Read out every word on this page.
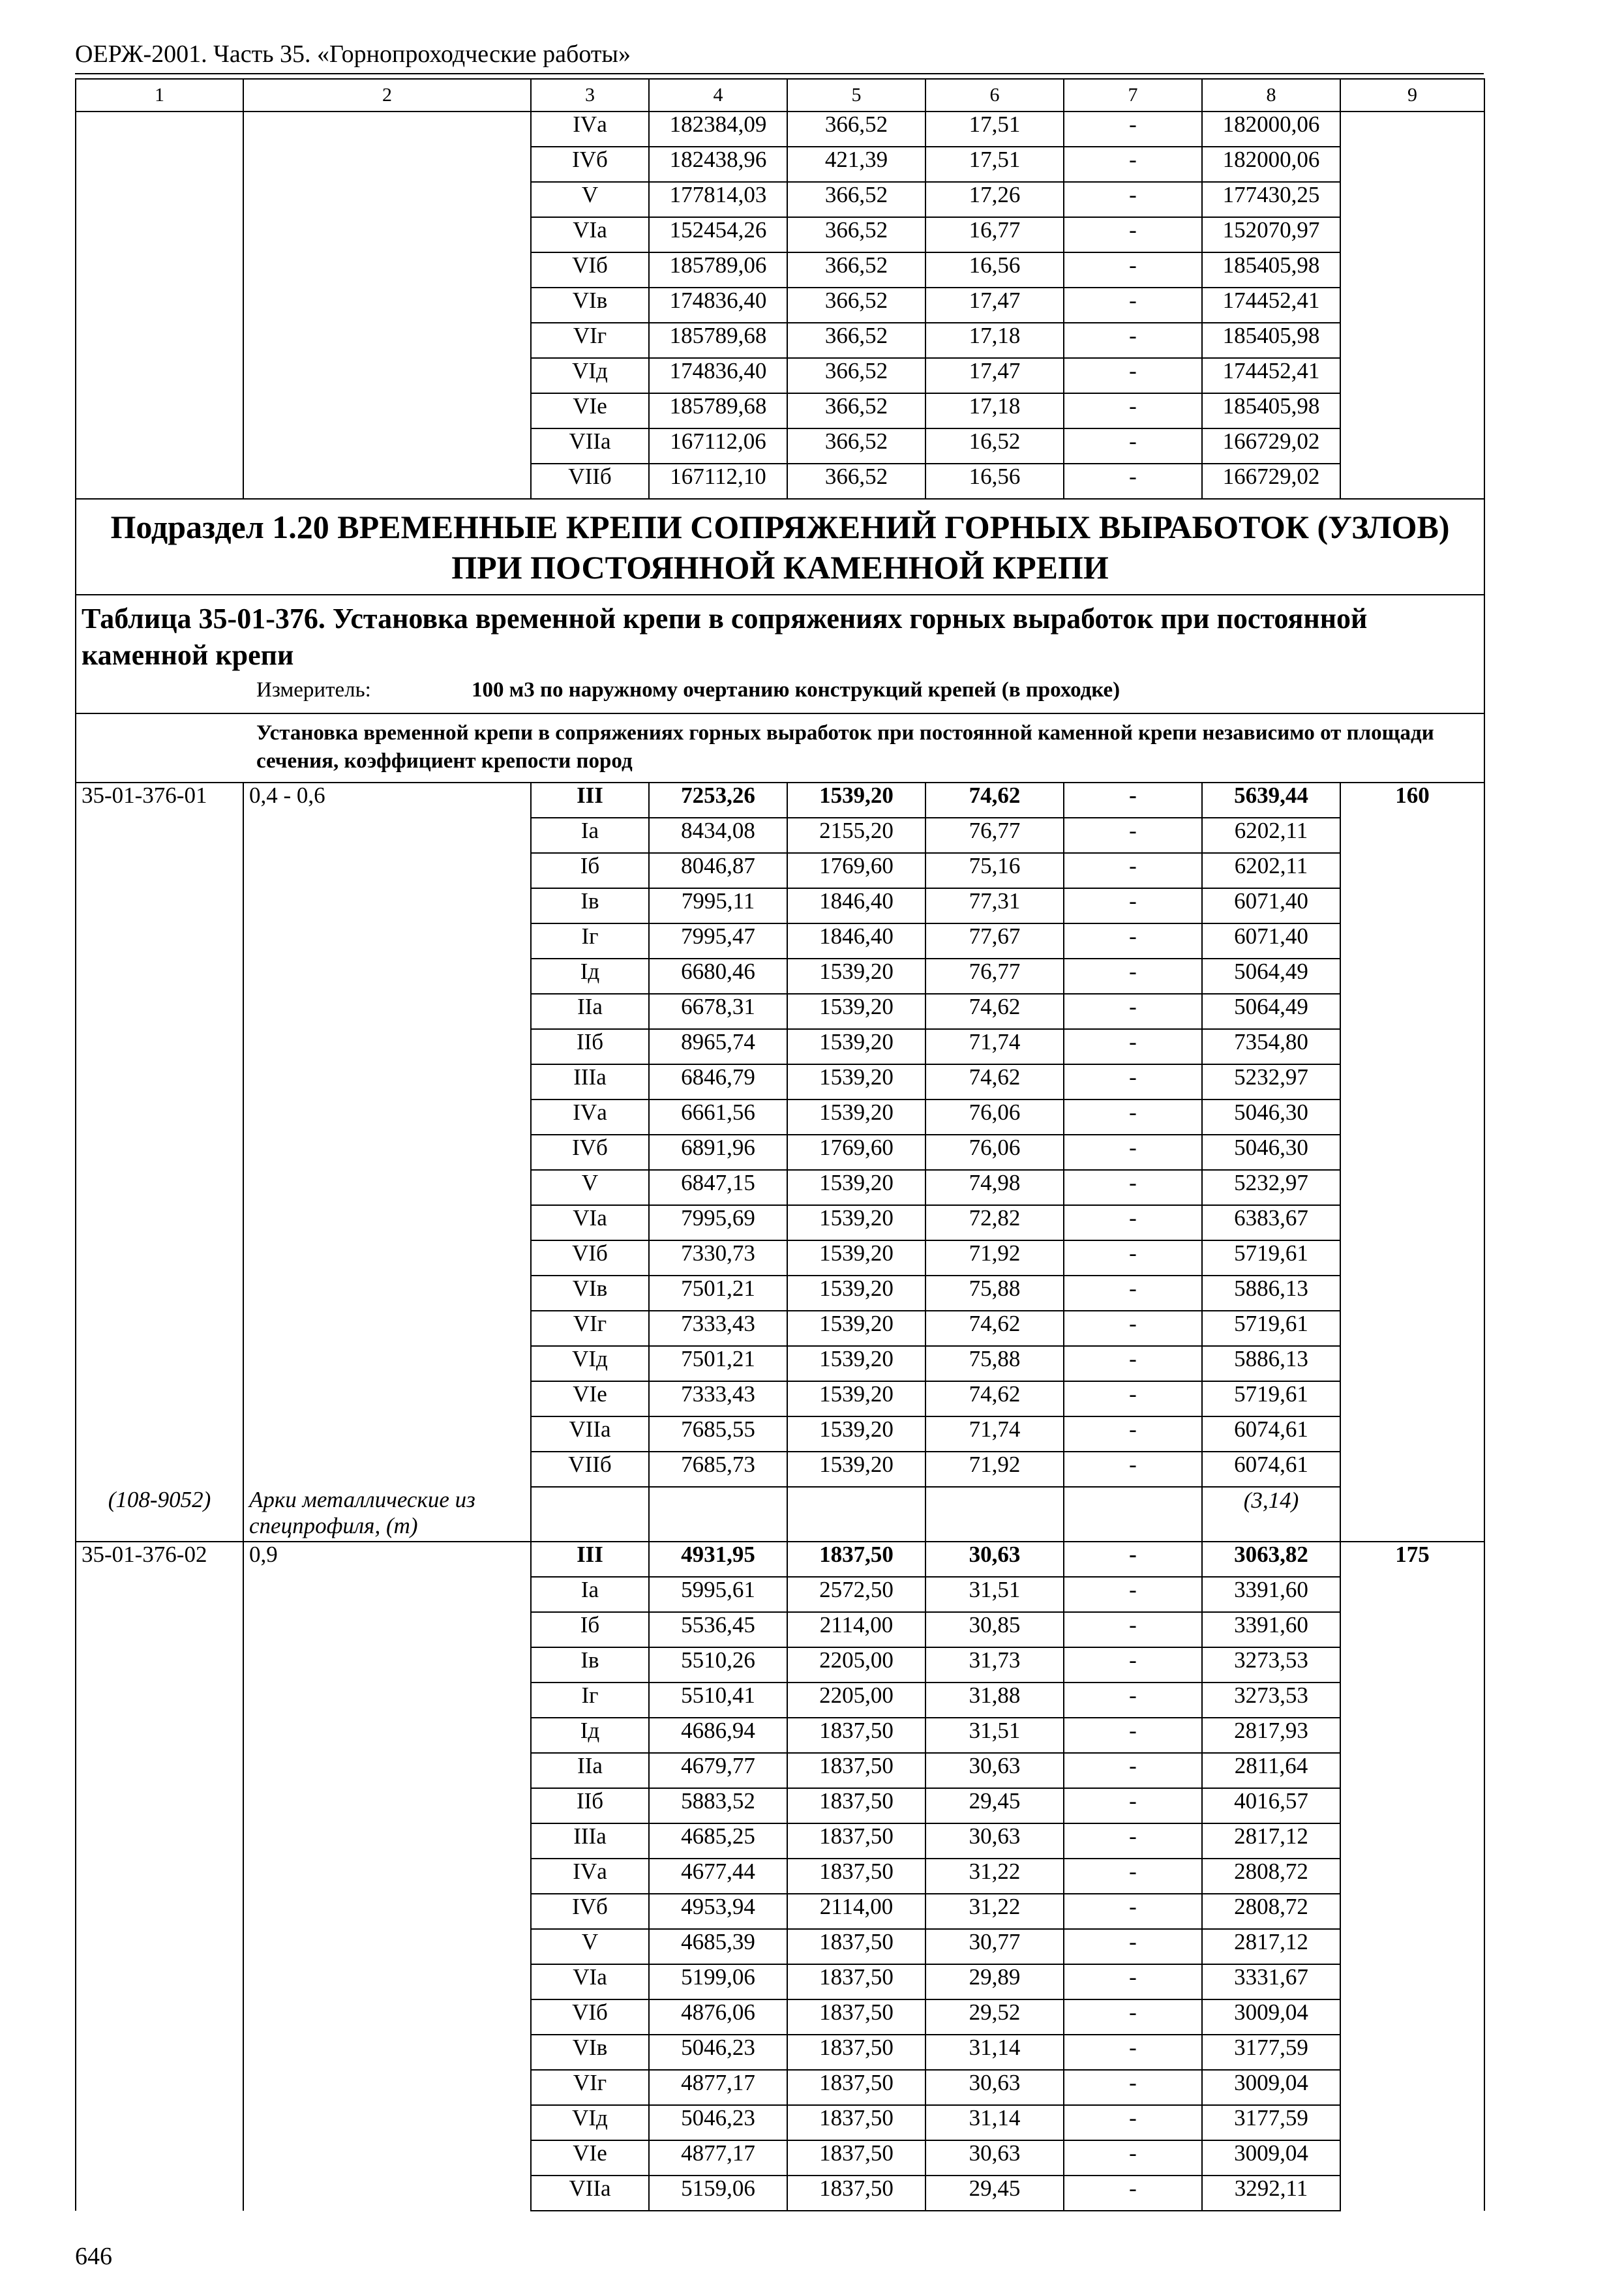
ОЕРЖ-2001. Часть 35. «Горнопроходческие работы»
1	2	3	4	5	6	7	8	9
		IVа	182384,09	366,52	17,51	-	182000,06	
		IVб	182438,96	421,39	17,51	-	182000,06	
		V	177814,03	366,52	17,26	-	177430,25	
		VIа	152454,26	366,52	16,77	-	152070,97	
		VIб	185789,06	366,52	16,56	-	185405,98	
		VIв	174836,40	366,52	17,47	-	174452,41	
		VIг	185789,68	366,52	17,18	-	185405,98	
		VIд	174836,40	366,52	17,47	-	174452,41	
		VIе	185789,68	366,52	17,18	-	185405,98	
		VIIа	167112,06	366,52	16,52	-	166729,02	
		VIIб	167112,10	366,52	16,56	-	166729,02	
Подраздел 1.20 ВРЕМЕННЫЕ КРЕПИ СОПРЯЖЕНИЙ ГОРНЫХ ВЫРАБОТОК (УЗЛОВ) ПРИ ПОСТОЯННОЙ КАМЕННОЙ КРЕПИ								

Таблица 35-01-376. Установка временной крепи в сопряжениях горных выработок при постоянной каменной крепи
Измеритель: 100 м3 по наружному очертанию конструкций крепей (в проходке)								

Установка временной крепи в сопряжениях горных выработок при постоянной каменной крепи независимо от площади сечения, коэффициент крепости пород								

35-01-376-01	0,4 - 0,6	III	7253,26	1539,20	74,62	-	5639,44	160
		Iа	8434,08	2155,20	76,77	-	6202,11	
		Iб	8046,87	1769,60	75,16	-	6202,11	
		Iв	7995,11	1846,40	77,31	-	6071,40	
		Iг	7995,47	1846,40	77,67	-	6071,40	
		Iд	6680,46	1539,20	76,77	-	5064,49	
		IIа	6678,31	1539,20	74,62	-	5064,49	
		IIб	8965,74	1539,20	71,74	-	7354,80	
		IIIа	6846,79	1539,20	74,62	-	5232,97	
		IVа	6661,56	1539,20	76,06	-	5046,30	
		IVб	6891,96	1769,60	76,06	-	5046,30	
		V	6847,15	1539,20	74,98	-	5232,97	
		VIа	7995,69	1539,20	72,82	-	6383,67	
		VIб	7330,73	1539,20	71,92	-	5719,61	
		VIв	7501,21	1539,20	75,88	-	5886,13	
		VIг	7333,43	1539,20	74,62	-	5719,61	
		VIд	7501,21	1539,20	75,88	-	5886,13	
		VIе	7333,43	1539,20	74,62	-	5719,61	
		VIIа	7685,55	1539,20	71,74	-	6074,61	
		VIIб	7685,73	1539,20	71,92	-	6074,61	
(108-9052)	Арки металлические из спецпрофиля, (т)						(3,14)	
35-01-376-02	0,9	III	4931,95	1837,50	30,63	-	3063,82	175
		Iа	5995,61	2572,50	31,51	-	3391,60	
		Iб	5536,45	2114,00	30,85	-	3391,60	
		Iв	5510,26	2205,00	31,73	-	3273,53	
		Iг	5510,41	2205,00	31,88	-	3273,53	
		Iд	4686,94	1837,50	31,51	-	2817,93	
		IIа	4679,77	1837,50	30,63	-	2811,64	
		IIб	5883,52	1837,50	29,45	-	4016,57	
		IIIа	4685,25	1837,50	30,63	-	2817,12	
		IVа	4677,44	1837,50	31,22	-	2808,72	
		IVб	4953,94	2114,00	31,22	-	2808,72	
		V	4685,39	1837,50	30,77	-	2817,12	
		VIа	5199,06	1837,50	29,89	-	3331,67	
		VIб	4876,06	1837,50	29,52	-	3009,04	
		VIв	5046,23	1837,50	31,14	-	3177,59	
		VIг	4877,17	1837,50	30,63	-	3009,04	
		VIд	5046,23	1837,50	31,14	-	3177,59	
		VIе	4877,17	1837,50	30,63	-	3009,04	
		VIIа	5159,06	1837,50	29,45	-	3292,11	
646
